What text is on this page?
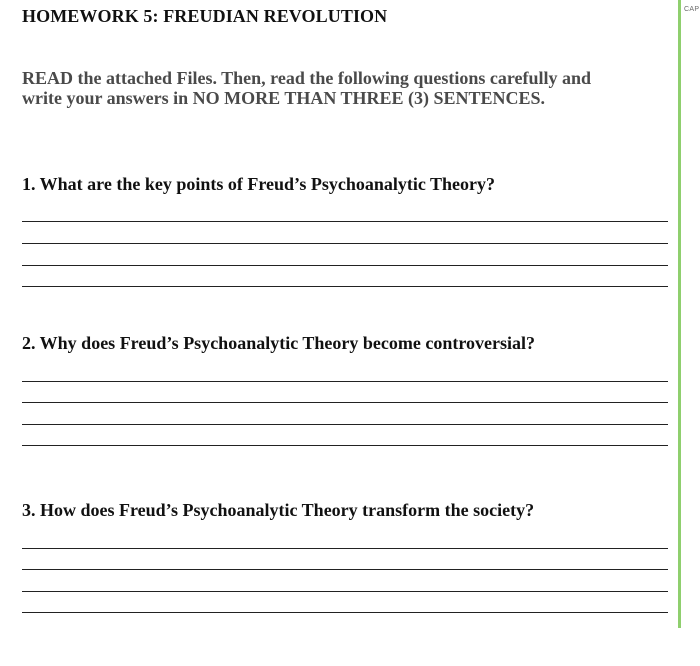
HOMEWORK 5: FREUDIAN REVOLUTION
READ the attached Files. Then, read the following questions carefully and
write your answers in NO MORE THAN THREE (3) SENTENCES.
1. What are the key points of Freud’s Psychoanalytic Theory?
2. Why does Freud’s Psychoanalytic Theory become controversial?
3. How does Freud’s Psychoanalytic Theory transform the society?
CAP
